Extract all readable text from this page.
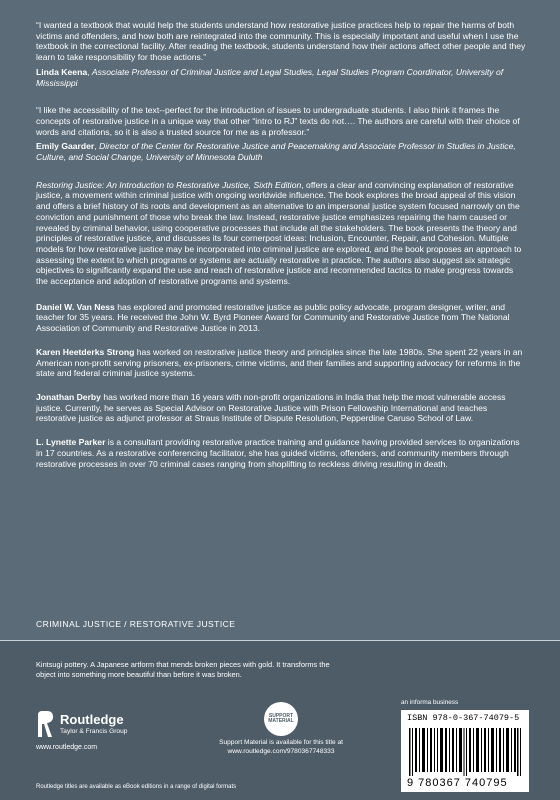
“I wanted a textbook that would help the students understand how restorative justice practices help to repair the harms of both victims and offenders, and how both are reintegrated into the community. This is especially important and useful when I use the textbook in the correctional facility. After reading the textbook, students understand how their actions affect other people and they learn to take responsibility for those actions.”

Linda Keena, Associate Professor of Criminal Justice and Legal Studies, Legal Studies Program Coordinator, University of Mississippi

“I like the accessibility of the text--perfect for the introduction of issues to undergraduate students. I also think it frames the concepts of restorative justice in a unique way that other “intro to RJ” texts do not…. The authors are careful with their choice of words and citations, so it is also a trusted source for me as a professor.”

Emily Gaarder, Director of the Center for Restorative Justice and Peacemaking and Associate Professor in Studies in Justice, Culture, and Social Change, University of Minnesota Duluth

Restoring Justice: An Introduction to Restorative Justice, Sixth Edition, offers a clear and convincing explanation of restorative justice, a movement within criminal justice with ongoing worldwide influence. The book explores the broad appeal of this vision and offers a brief history of its roots and development as an alternative to an impersonal justice system focused narrowly on the conviction and punishment of those who break the law. Instead, restorative justice emphasizes repairing the harm caused or revealed by criminal behavior, using cooperative processes that include all the stakeholders. The book presents the theory and principles of restorative justice, and discusses its four cornerpost ideas: Inclusion, Encounter, Repair, and Cohesion. Multiple models for how restorative justice may be incorporated into criminal justice are explored, and the book proposes an approach to assessing the extent to which programs or systems are actually restorative in practice. The authors also suggest six strategic objectives to significantly expand the use and reach of restorative justice and recommended tactics to make progress towards the acceptance and adoption of restorative programs and systems.

Daniel W. Van Ness has explored and promoted restorative justice as public policy advocate, program designer, writer, and teacher for 35 years. He received the John W. Byrd Pioneer Award for Community and Restorative Justice from The National Association of Community and Restorative Justice in 2013.

Karen Heetderks Strong has worked on restorative justice theory and principles since the late 1980s. She spent 22 years in an American non-profit serving prisoners, ex-prisoners, crime victims, and their families and supporting advocacy for reforms in the state and federal criminal justice systems.

Jonathan Derby has worked more than 16 years with non-profit organizations in India that help the most vulnerable access justice. Currently, he serves as Special Advisor on Restorative Justice with Prison Fellowship International and teaches restorative justice as adjunct professor at Straus Institute of Dispute Resolution, Pepperdine Caruso School of Law.

L. Lynette Parker is a consultant providing restorative practice training and guidance having provided services to organizations in 17 countries. As a restorative conferencing facilitator, she has guided victims, offenders, and community members through restorative processes in over 70 criminal cases ranging from shoplifting to reckless driving resulting in death.

CRIMINAL JUSTICE / RESTORATIVE JUSTICE
Kintsugi pottery. A Japanese artform that mends broken pieces with gold. It transforms the object into something more beautiful than before it was broken.
Routledge
Taylor & Francis Group
www.routledge.com
SUPPORT MATERIAL
Support Material is available for this title at
www.routledge.com/9780367748333
an informa business
ISBN 978-0-367-74079-5
9 780367 740795
Routledge titles are available as eBook editions in a range of digital formats
